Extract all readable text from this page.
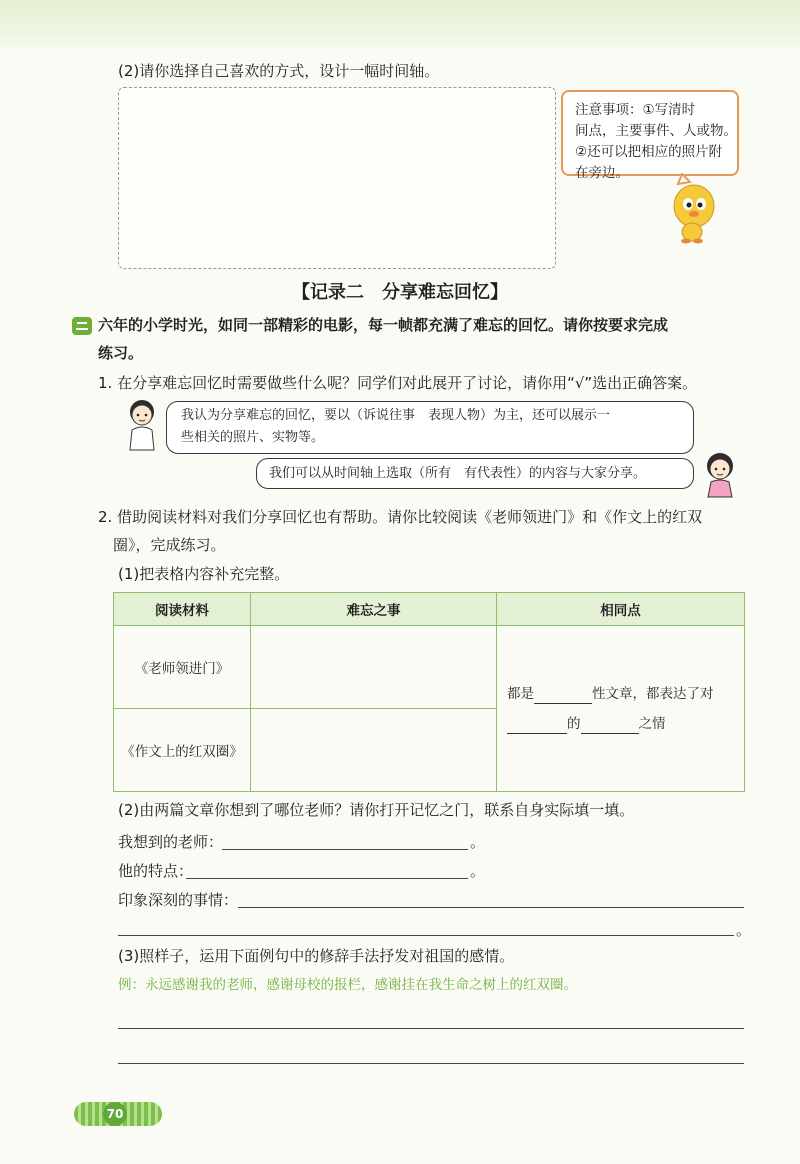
(2)请你选择自己喜欢的方式，设计一幅时间轴。
注意事项：①写清时
间点，主要事件、人或物。
②还可以把相应的照片附
在旁边。
【记录二　分享难忘回忆】
六年的小学时光，如同一部精彩的电影，每一帧都充满了难忘的回忆。请你按要求完成
练习。
1. 在分享难忘回忆时需要做些什么呢？同学们对此展开了讨论，请你用“√”选出正确答案。
我认为分享难忘的回忆，要以（诉说往事　表现人物）为主，还可以展示一
些相关的照片、实物等。
我们可以从时间轴上选取（所有　有代表性）的内容与大家分享。
2. 借助阅读材料对我们分享回忆也有帮助。请你比较阅读《老师领进门》和《作文上的红双
圈》，完成练习。
(1)把表格内容补充完整。
阅读材料	难忘之事	相同点
《老师领进门》		都是 性文章，都表达了对
的 之情

《作文上的红双圈》		
(2)由两篇文章你想到了哪位老师？请你打开记忆之门，联系自身实际填一填。
我想到的老师：	。
他的特点：	。
印象深刻的事情：
。
(3)照样子，运用下面例句中的修辞手法抒发对祖国的感情。
例：永远感谢我的老师，感谢母校的报栏，感谢挂在我生命之树上的红双圈。
70
